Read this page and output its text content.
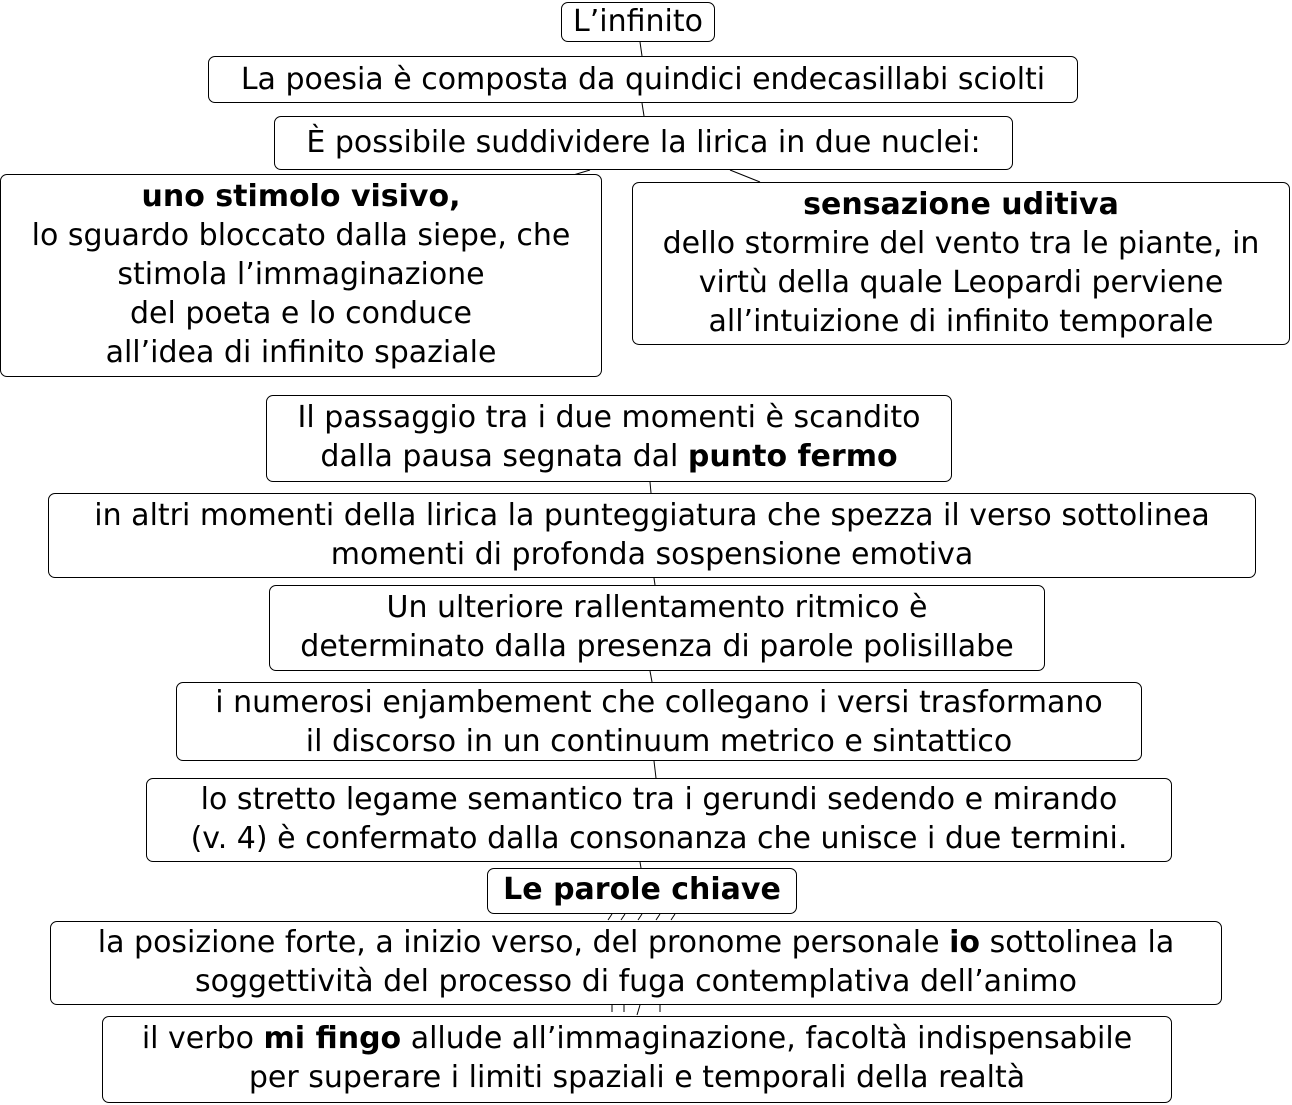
L’infinito
La poesia è composta da quindici endecasillabi sciolti
È possibile suddividere la lirica in due nuclei:
uno stimolo visivo,
lo sguardo bloccato dalla siepe, che
stimola l’immaginazione
del poeta e lo conduce
all’idea di infinito spaziale
sensazione uditiva
dello stormire del vento tra le piante, in
virtù della quale Leopardi perviene
all’intuizione di infinito temporale
Il passaggio tra i due momenti è scandito
dalla pausa segnata dal punto fermo
in altri momenti della lirica la punteggiatura che spezza il verso sottolinea
momenti di profonda sospensione emotiva
Un ulteriore rallentamento ritmico è
determinato dalla presenza di parole polisillabe
i numerosi enjambement che collegano i versi trasformano
il discorso in un continuum metrico e sintattico
lo stretto legame semantico tra i gerundi sedendo e mirando
(v. 4) è confermato dalla consonanza che unisce i due termini.
Le parole chiave
la posizione forte, a inizio verso, del pronome personale io sottolinea la
soggettività del processo di fuga contemplativa dell’animo
il verbo mi fingo allude all’immaginazione, facoltà indispensabile
per superare i limiti spaziali e temporali della realtà
